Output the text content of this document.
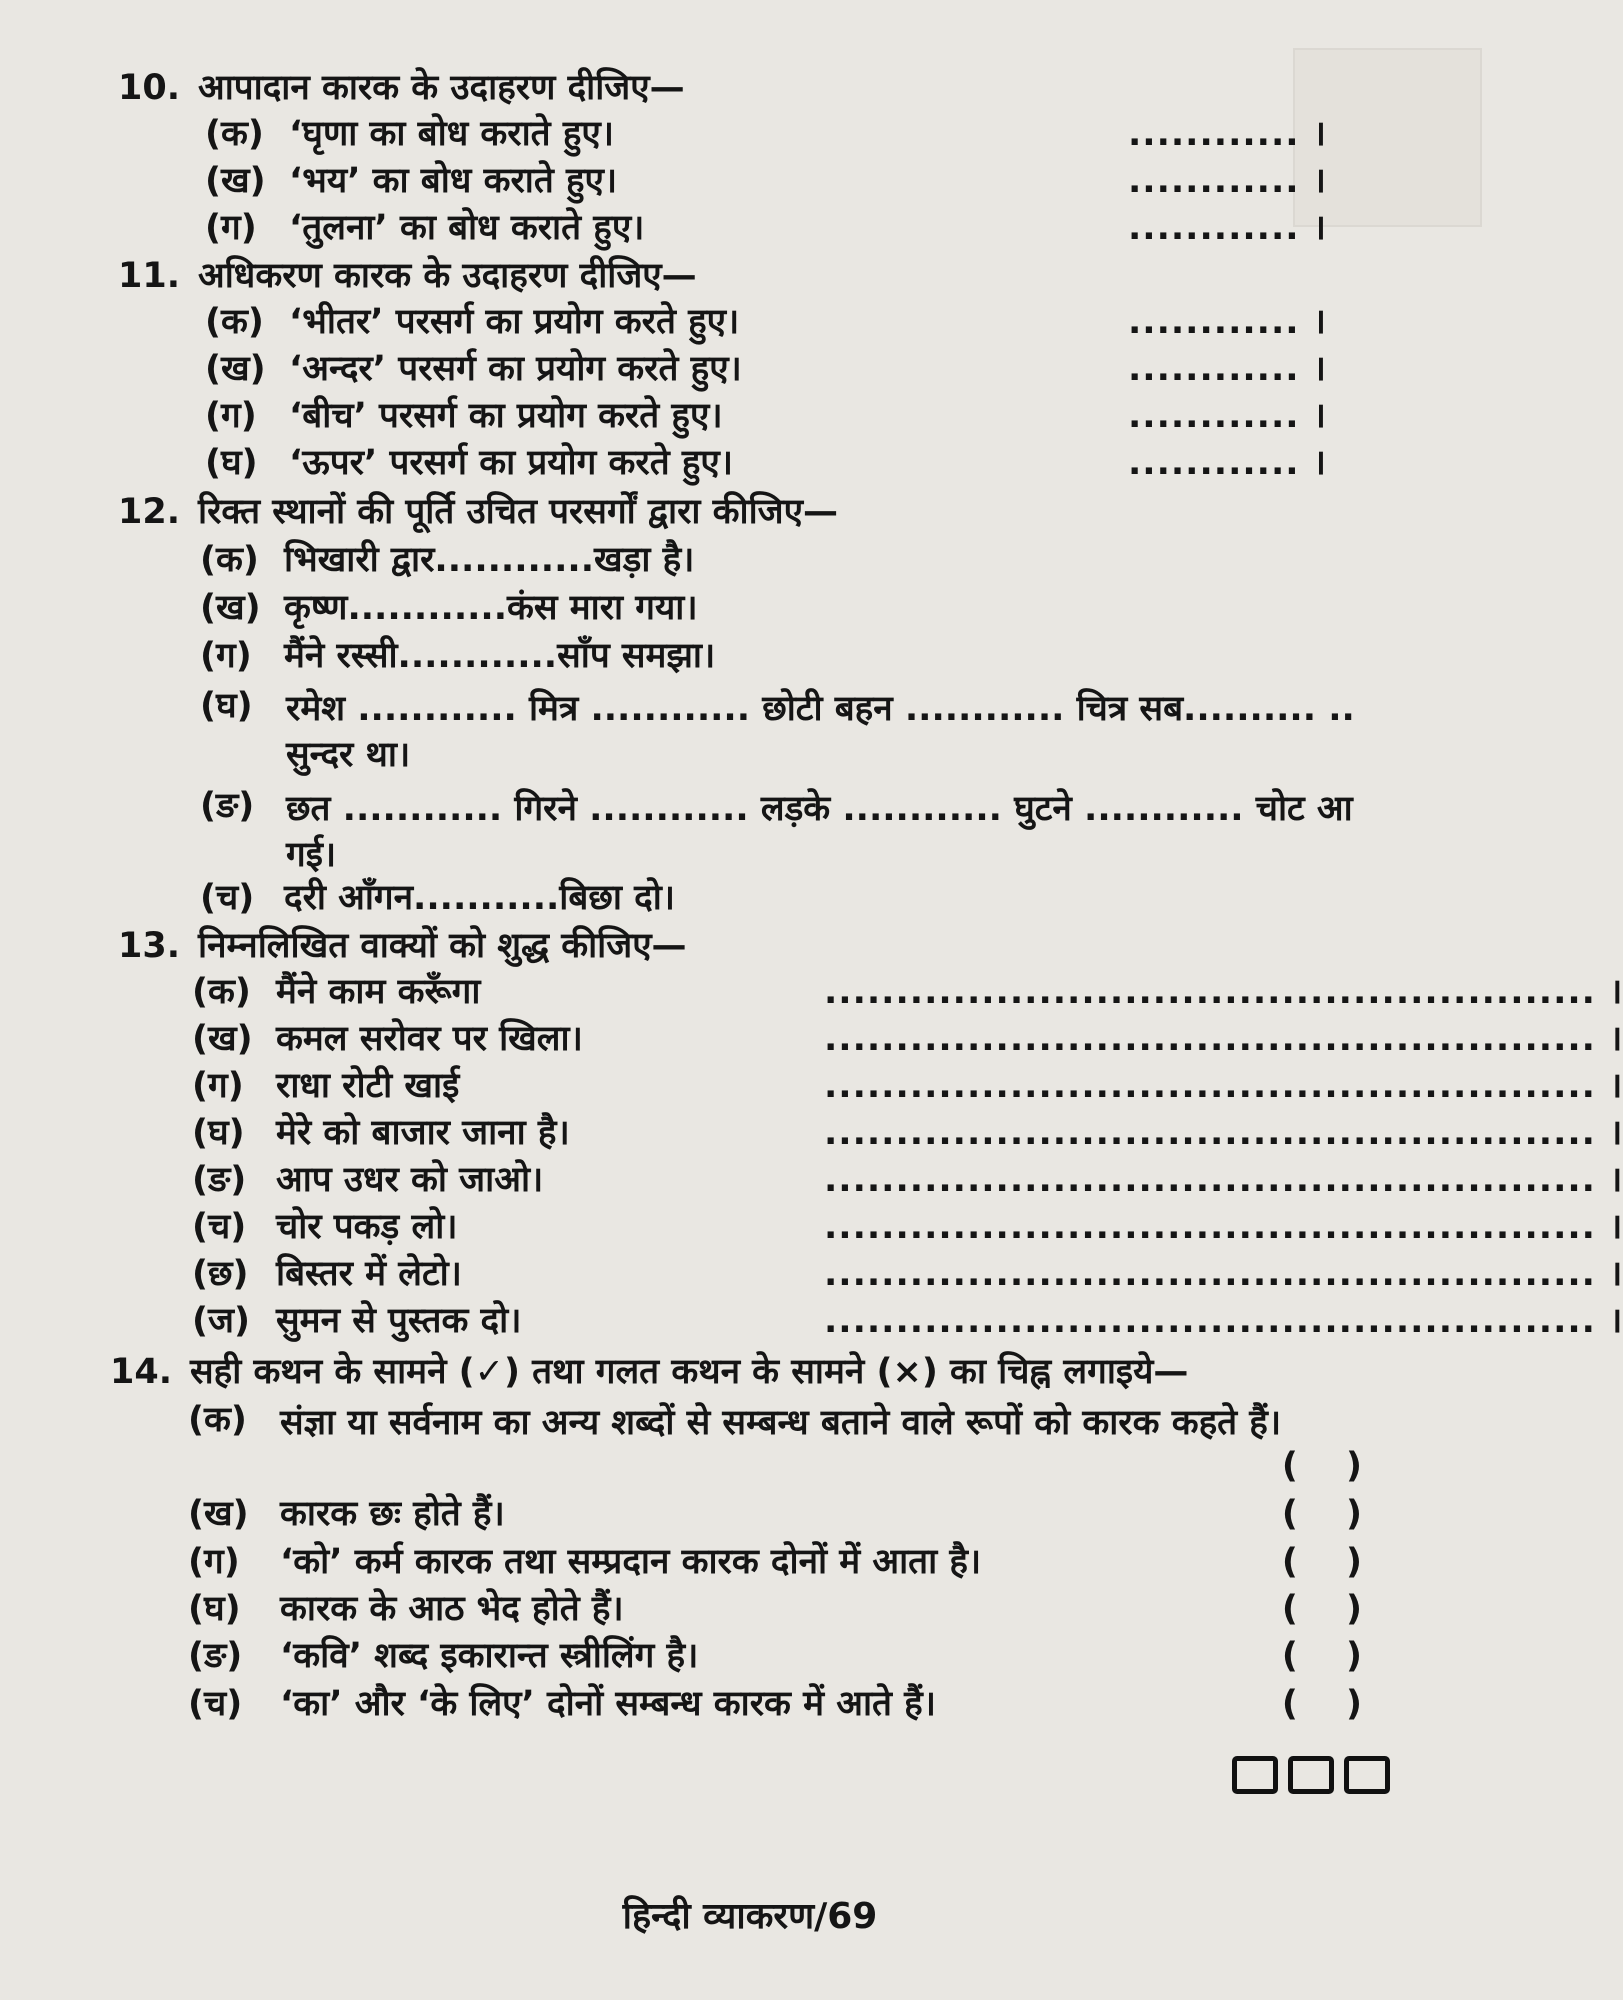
10. आपादान कारक के उदाहरण दीजिए—
(क) ‘घृणा का बोध कराते हुए।	............ ।
(ख) ‘भय’ का बोध कराते हुए।	............ ।
(ग) ‘तुलना’ का बोध कराते हुए।	............ ।
11. अधिकरण कारक के उदाहरण दीजिए—
(क) ‘भीतर’ परसर्ग का प्रयोग करते हुए।	............ ।
(ख) ‘अन्दर’ परसर्ग का प्रयोग करते हुए।	............ ।
(ग) ‘बीच’ परसर्ग का प्रयोग करते हुए।	............ ।
(घ) ‘ऊपर’ परसर्ग का प्रयोग करते हुए।	............ ।
12. रिक्त स्थानों की पूर्ति उचित परसर्गों द्वारा कीजिए—
(क) भिखारी द्वार............खड़ा है।
(ख) कृष्ण............कंस मारा गया।
(ग) मैंने रस्सी............साँप समझा।
(घ) रमेश ............ मित्र ............ छोटी बहन ............ चित्र सब.......... .. सुन्दर था।
(ङ) छत ............ गिरने ............ लड़के ............ घुटने ............ चोट आ गई।
(च) दरी आँगन...........बिछा दो।
13. निम्नलिखित वाक्यों को शुद्ध कीजिए—
(क) मैंने काम करूँगा	...................................................... ।
(ख) कमल सरोवर पर खिला।	...................................................... ।
(ग) राधा रोटी खाई	...................................................... ।
(घ) मेरे को बाजार जाना है।	...................................................... ।
(ङ) आप उधर को जाओ।	...................................................... ।
(च) चोर पकड़ लो।	...................................................... ।
(छ) बिस्तर में लेटो।	...................................................... ।
(ज) सुमन से पुस्तक दो।	...................................................... ।
14. सही कथन के सामने (✓) तथा गलत कथन के सामने (×) का चिह्न लगाइये—
(क) संज्ञा या सर्वनाम का अन्य शब्दों से सम्बन्ध बताने वाले रूपों को कारक कहते हैं।
( )
(ख) कारक छः होते हैं।	( )
(ग) ‘को’ कर्म कारक तथा सम्प्रदान कारक दोनों में आता है।	( )
(घ) कारक के आठ भेद होते हैं।	( )
(ङ) ‘कवि’ शब्द इकारान्त स्त्रीलिंग है।	( )
(च) ‘का’ और ‘के लिए’ दोनों सम्बन्ध कारक में आते हैं।	( )
हिन्दी व्याकरण/69
